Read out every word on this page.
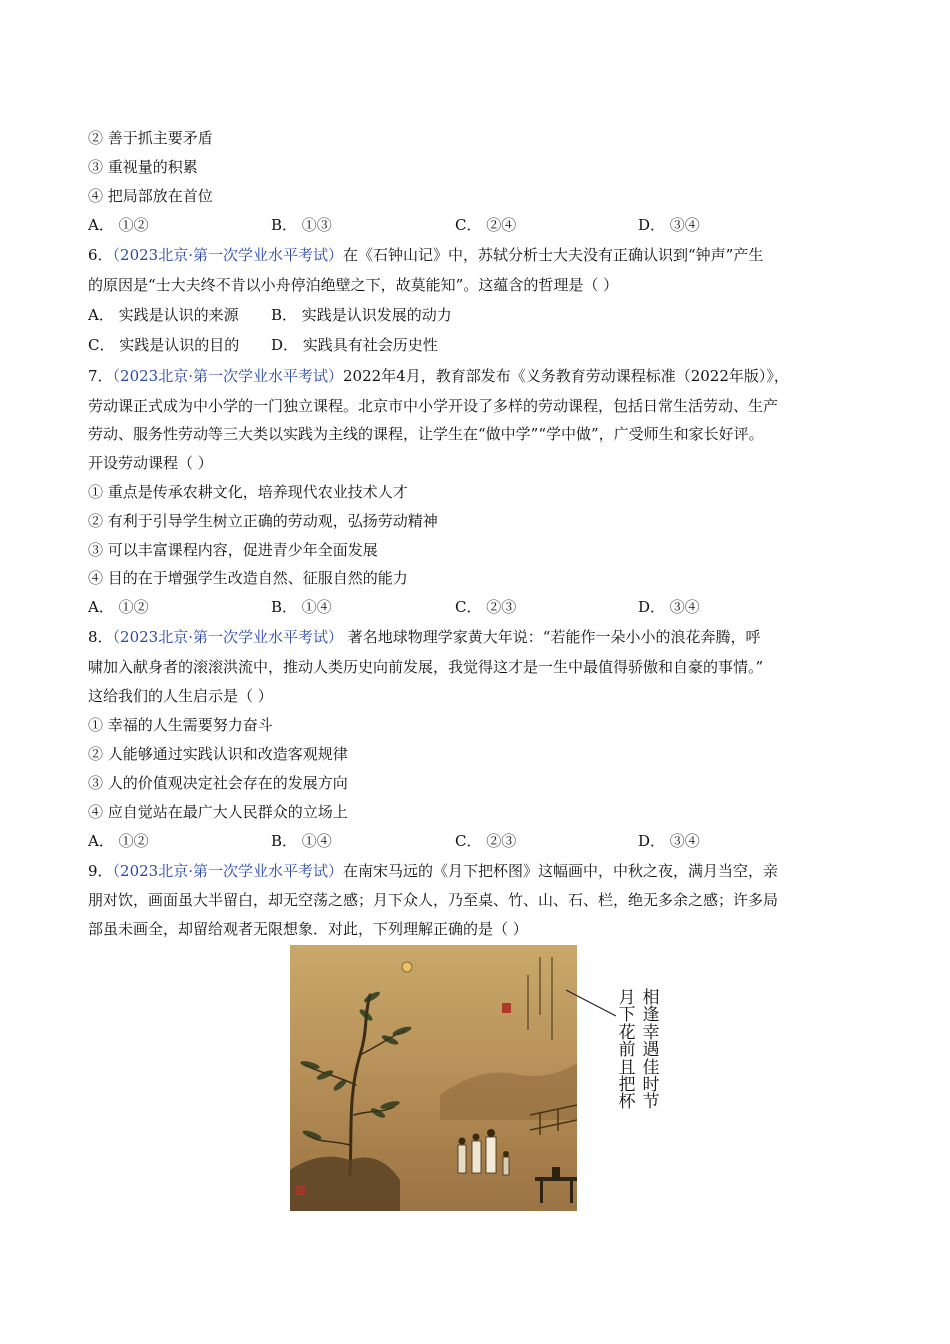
② 善于抓主要矛盾
③ 重视量的积累
④ 把局部放在首位
A． ①②	B． ①③	C． ②④	D． ③④
6．（2023北京·第一次学业水平考试）在《石钟山记》中，苏轼分析士大夫没有正确认识到“钟声”产生
的原因是“士大夫终不肯以小舟停泊绝壁之下，故莫能知”。这蕴含的哲理是（ ）
A． 实践是认识的来源 B． 实践是认识发展的动力
C． 实践是认识的目的 D． 实践具有社会历史性
7．（2023北京·第一次学业水平考试）2022年4月，教育部发布《义务教育劳动课程标准（2022年版）》，
劳动课正式成为中小学的一门独立课程。北京市中小学开设了多样的劳动课程，包括日常生活劳动、生产
劳动、服务性劳动等三大类以实践为主线的课程，让学生在“做中学”“学中做”，广受师生和家长好评。
开设劳动课程（ ）
① 重点是传承农耕文化，培养现代农业技术人才
② 有利于引导学生树立正确的劳动观，弘扬劳动精神
③ 可以丰富课程内容，促进青少年全面发展
④ 目的在于增强学生改造自然、征服自然的能力
A． ①②	B． ①④	C． ②③	D． ③④
8．（2023北京·第一次学业水平考试） 著名地球物理学家黄大年说：“若能作一朵小小的浪花奔腾，呼
啸加入献身者的滚滚洪流中，推动人类历史向前发展，我觉得这才是一生中最值得骄傲和自豪的事情。”
这给我们的人生启示是（ ）
① 幸福的人生需要努力奋斗
② 人能够通过实践认识和改造客观规律
③ 人的价值观决定社会存在的发展方向
④ 应自觉站在最广大人民群众的立场上
A． ①②	B． ①④	C． ②③	D． ③④
9．（2023北京·第一次学业水平考试）在南宋马远的《月下把杯图》这幅画中，中秋之夜，满月当空，亲
朋对饮，画面虽大半留白，却无空荡之感；月下众人，乃至桌、竹、山、石、栏，绝无多余之感；许多局
部虽未画全，却留给观者无限想象．对此，下列理解正确的是（ ）
相逢幸遇佳时节
月下花前且把杯
